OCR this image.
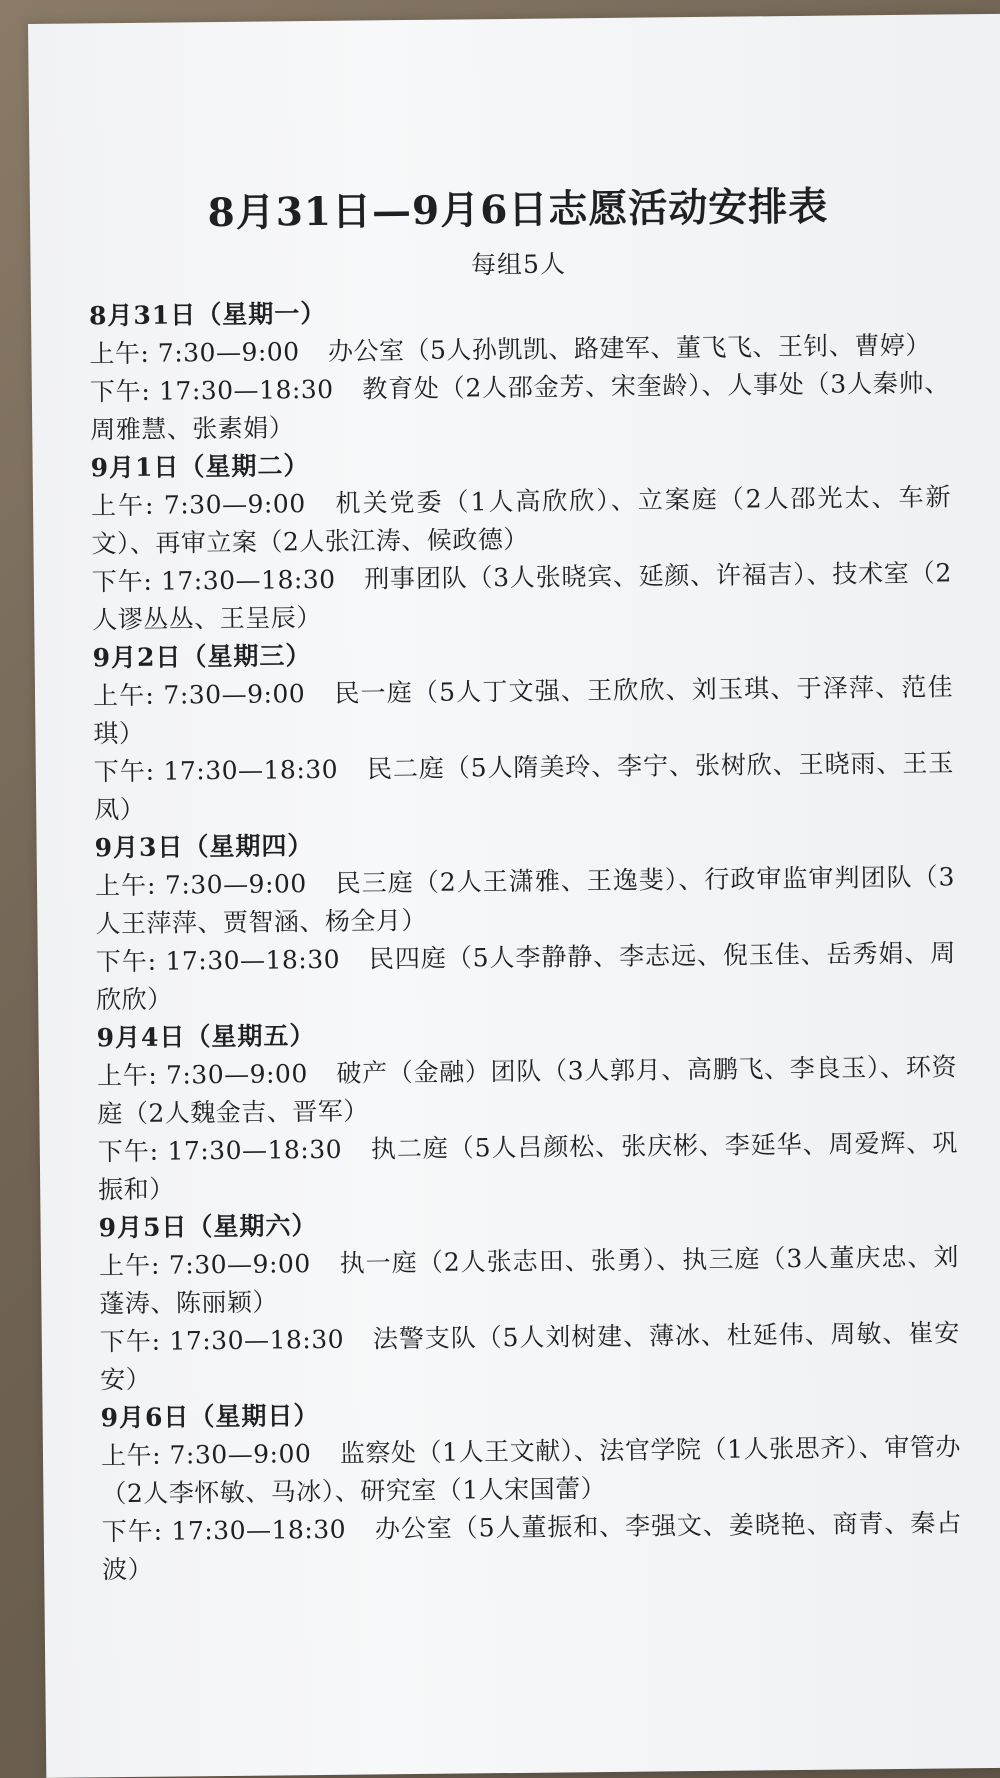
8月31日—9月6日志愿活动安排表
每组5人
8月31日（星期一）
上午: 7:30—9:00 办公室（5人孙凯凯、路建军、董飞飞、王钊、曹婷）
下午: 17:30—18:30 教育处（2人邵金芳、宋奎龄）、人事处（3人秦帅、周雅慧、张素娟）
9月1日（星期二）
上午: 7:30—9:00 机关党委（1人高欣欣）、立案庭（2人邵光太、车新文）、再审立案（2人张江涛、候政德）
下午: 17:30—18:30 刑事团队（3人张晓宾、延颜、许福吉）、技术室（2人谬丛丛、王呈辰）
9月2日（星期三）
上午: 7:30—9:00 民一庭（5人丁文强、王欣欣、刘玉琪、于泽萍、范佳琪）
下午: 17:30—18:30 民二庭（5人隋美玲、李宁、张树欣、王晓雨、王玉凤）
9月3日（星期四）
上午: 7:30—9:00 民三庭（2人王潇雅、王逸斐）、行政审监审判团队（3人王萍萍、贾智涵、杨全月）
下午: 17:30—18:30 民四庭（5人李静静、李志远、倪玉佳、岳秀娟、周欣欣）
9月4日（星期五）
上午: 7:30—9:00 破产（金融）团队（3人郭月、高鹏飞、李良玉）、环资庭（2人魏金吉、晋军）
下午: 17:30—18:30 执二庭（5人吕颜松、张庆彬、李延华、周爱辉、巩振和）
9月5日（星期六）
上午: 7:30—9:00 执一庭（2人张志田、张勇）、执三庭（3人董庆忠、刘蓬涛、陈丽颖）
下午: 17:30—18:30 法警支队（5人刘树建、薄冰、杜延伟、周敏、崔安安）
9月6日（星期日）
上午: 7:30—9:00 监察处（1人王文献）、法官学院（1人张思齐）、审管办（2人李怀敏、马冰）、研究室（1人宋国蕾）
下午: 17:30—18:30 办公室（5人董振和、李强文、姜晓艳、商青、秦占波）
